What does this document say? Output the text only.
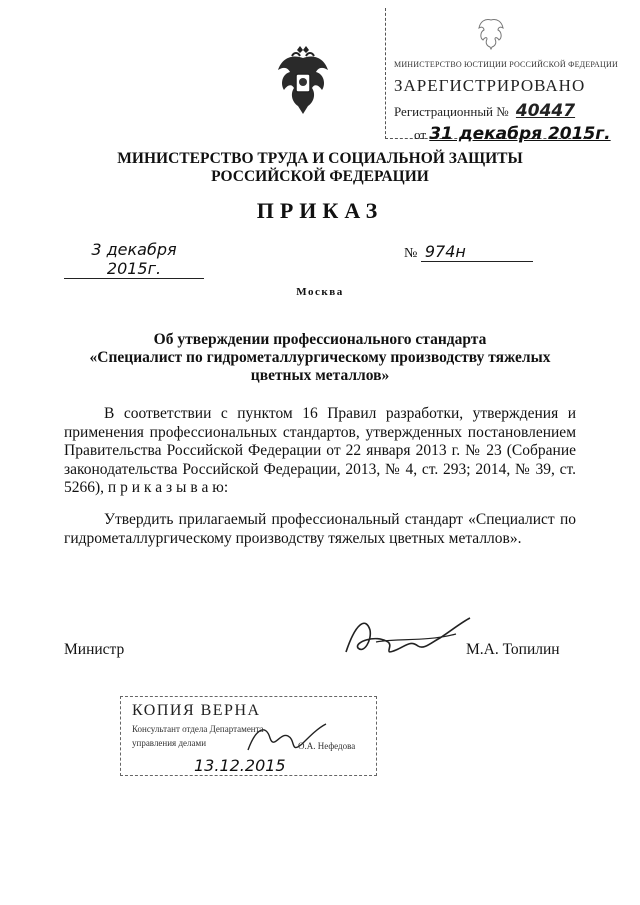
МИНИСТЕРСТВО ЮСТИЦИИ РОССИЙСКОЙ ФЕДЕРАЦИИ
ЗАРЕГИСТРИРОВАНО
Регистрационный № 40447
от 31 декабря 2015г.
МИНИСТЕРСТВО ТРУДА И СОЦИАЛЬНОЙ ЗАЩИТЫ
РОССИЙСКОЙ ФЕДЕРАЦИИ
ПРИКАЗ
3 декабря 2015г.
№ 974н
Москва
Об утверждении профессионального стандарта
«Специалист по гидрометаллургическому производству тяжелых
цветных металлов»
В соответствии с пунктом 16 Правил разработки, утверждения и применения профессиональных стандартов, утвержденных постановлением Правительства Российской Федерации от 22 января 2013 г. № 23 (Собрание законодательства Российской Федерации, 2013, № 4, ст. 293; 2014, № 39, ст. 5266), п р и к а з ы в а ю:
Утвердить прилагаемый профессиональный стандарт «Специалист по гидрометаллургическому производству тяжелых цветных металлов».
Министр	М.А. Топилин
КОПИЯ ВЕРНА
Консультант отдела Департамента
управления делами	О.А. Нефедова
13.12.2015
